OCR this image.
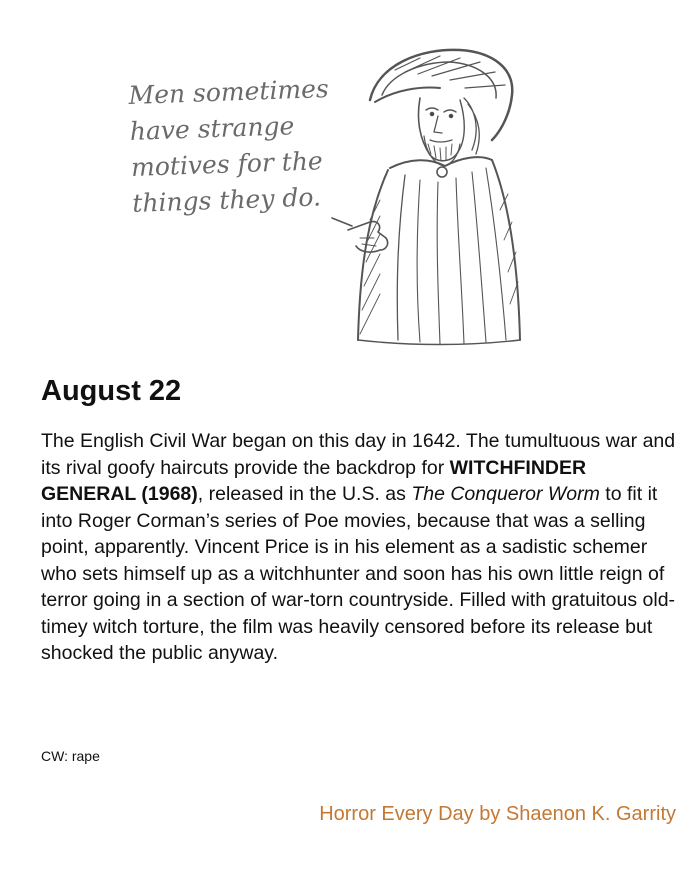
Men sometimes
have strange
motives for the
things they do.
August 22

The English Civil War began on this day in 1642. The tumultuous war and its rival goofy haircuts provide the backdrop for WITCHFINDER GENERAL (1968), released in the U.S. as The Conqueror Worm to fit it into Roger Corman’s series of Poe movies, because that was a selling point, apparently. Vincent Price is in his element as a sadistic schemer who sets himself up as a witchhunter and soon has his own little reign of terror going in a section of war-torn countryside. Filled with gratuitous old-timey witch torture, the film was heavily censored before its release but shocked the public anyway.

CW: rape

Horror Every Day by Shaenon K. Garrity
